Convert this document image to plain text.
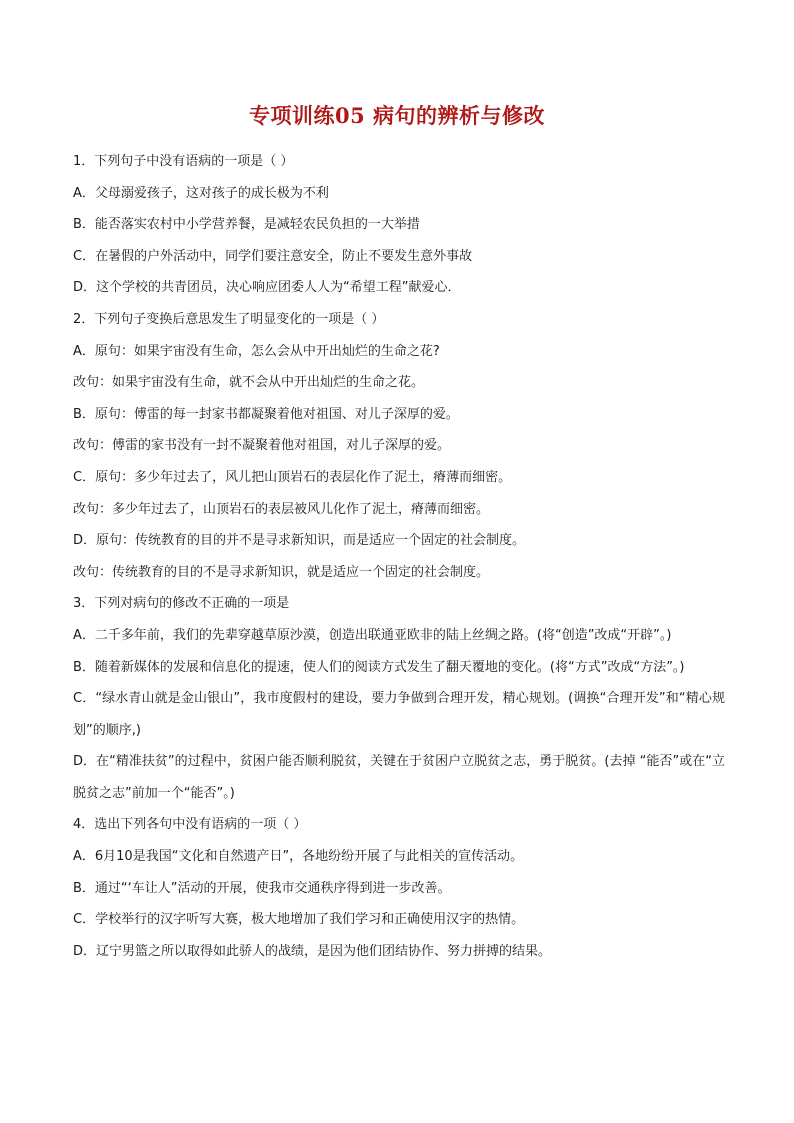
专项训练05 病句的辨析与修改
1．下列句子中没有语病的一项是（ ）
A．父母溺爱孩子，这对孩子的成长极为不利
B．能否落实农村中小学营养餐，是减轻农民负担的一大举措
C．在暑假的户外活动中，同学们要注意安全，防止不要发生意外事故
D．这个学校的共青团员，决心响应团委人人为“希望工程”献爱心．
2．下列句子变换后意思发生了明显变化的一项是（ ）
A．原句：如果宇宙没有生命，怎么会从中开出灿烂的生命之花?
改句：如果宇宙没有生命，就不会从中开出灿烂的生命之花。
B．原句：傅雷的每一封家书都凝聚着他对祖国、对儿子深厚的爱。
改句：傅雷的家书没有一封不凝聚着他对祖国，对儿子深厚的爱。
C．原句：多少年过去了，风儿把山顶岩石的表层化作了泥土，瘠薄而细密。
改句：多少年过去了，山顶岩石的表层被风儿化作了泥土，瘠薄而细密。
D．原句：传统教育的目的并不是寻求新知识，而是适应一个固定的社会制度。
改句：传统教育的目的不是寻求新知识，就是适应一个固定的社会制度。
3．下列对病句的修改不正确的一项是
A．二千多年前，我们的先辈穿越草原沙漠，创造出联通亚欧非的陆上丝绸之路。(将“创造”改成“开辟”。)
B．随着新媒体的发展和信息化的提速，使人们的阅读方式发生了翻天覆地的变化。(将“方式”改成“方法”。)
C．“绿水青山就是金山银山”，我市度假村的建设，要力争做到合理开发，精心规划。(调换“合理开发”和“精心规划”的顺序,)
D．在“精准扶贫”的过程中，贫困户能否顺利脱贫，关键在于贫困户立脱贫之志，勇于脱贫。(去掉 “能否”或在“立脱贫之志”前加一个“能否”。)
4．选出下列各句中没有语病的一项（ ）
A．6月10是我国“文化和自然遗产日”，各地纷纷开展了与此相关的宣传活动。
B．通过“‘车让人”活动的开展，使我市交通秩序得到进一步改善。
C．学校举行的汉字听写大赛，极大地增加了我们学习和正确使用汉字的热情。
D．辽宁男篮之所以取得如此骄人的战绩，是因为他们团结协作、努力拼搏的结果。
